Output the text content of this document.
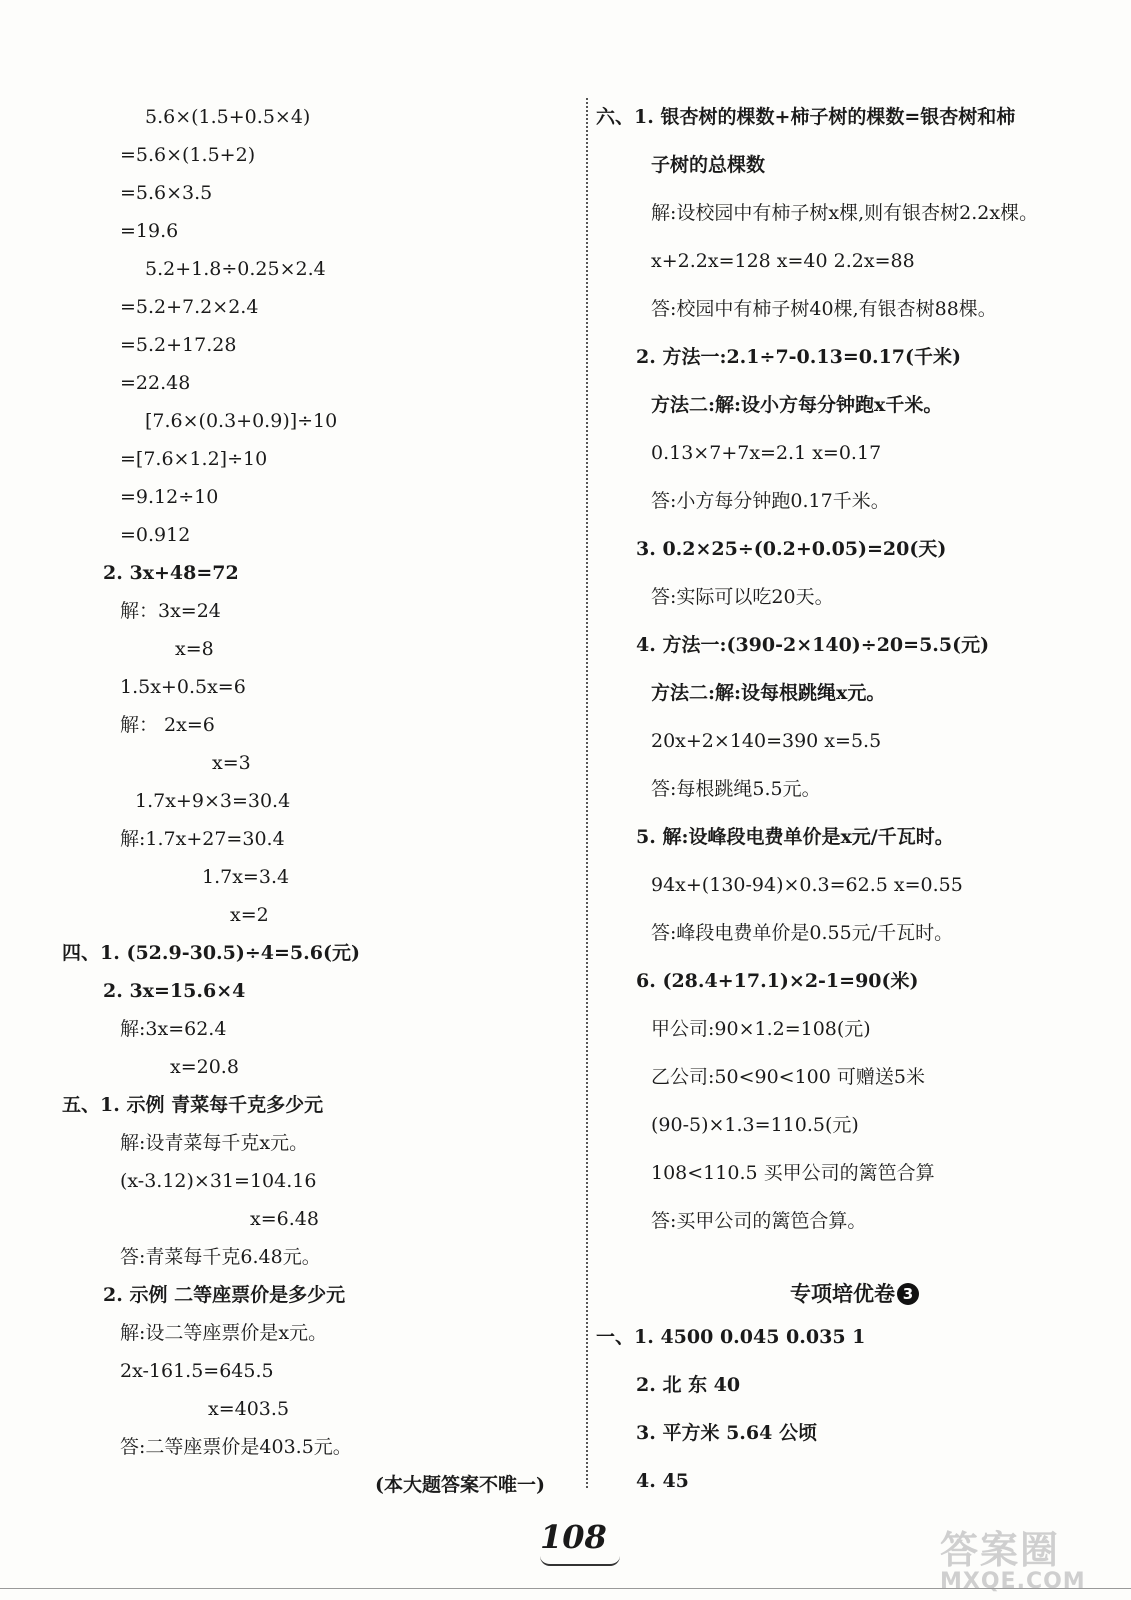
5.6×(1.5+0.5×4)
=5.6×(1.5+2)
=5.6×3.5
=19.6
5.2+1.8÷0.25×2.4
=5.2+7.2×2.4
=5.2+17.28
=22.48
[7.6×(0.3+0.9)]÷10
=[7.6×1.2]÷10
=9.12÷10
=0.912
2. 3x+48=72
解：3x=24
x=8
1.5x+0.5x=6
解： 2x=6
x=3
1.7x+9×3=30.4
解:1.7x+27=30.4
1.7x=3.4
x=2
四、1. (52.9-30.5)÷4=5.6(元)
2. 3x=15.6×4
解:3x=62.4
x=20.8
五、1. 示例 青菜每千克多少元
解:设青菜每千克x元。
(x-3.12)×31=104.16
x=6.48
答:青菜每千克6.48元。
2. 示例 二等座票价是多少元
解:设二等座票价是x元。
2x-161.5=645.5
x=403.5
答:二等座票价是403.5元。
(本大题答案不唯一)
六、1. 银杏树的棵数+柿子树的棵数=银杏树和柿
子树的总棵数
解:设校园中有柿子树x棵,则有银杏树2.2x棵。
x+2.2x=128 x=40 2.2x=88
答:校园中有柿子树40棵,有银杏树88棵。
2. 方法一:2.1÷7-0.13=0.17(千米)
方法二:解:设小方每分钟跑x千米。
0.13×7+7x=2.1 x=0.17
答:小方每分钟跑0.17千米。
3. 0.2×25÷(0.2+0.05)=20(天)
答:实际可以吃20天。
4. 方法一:(390-2×140)÷20=5.5(元)
方法二:解:设每根跳绳x元。
20x+2×140=390 x=5.5
答:每根跳绳5.5元。
5. 解:设峰段电费单价是x元/千瓦时。
94x+(130-94)×0.3=62.5 x=0.55
答:峰段电费单价是0.55元/千瓦时。
6. (28.4+17.1)×2-1=90(米)
甲公司:90×1.2=108(元)
乙公司:50<90<100 可赠送5米
(90-5)×1.3=110.5(元)
108<110.5 买甲公司的篱笆合算
答:买甲公司的篱笆合算。
一、1. 4500 0.045 0.035 1
2. 北 东 40
3. 平方米 5.64 公顷
4. 45
专项培优卷 3
108	答案圈
MXQE.COM
